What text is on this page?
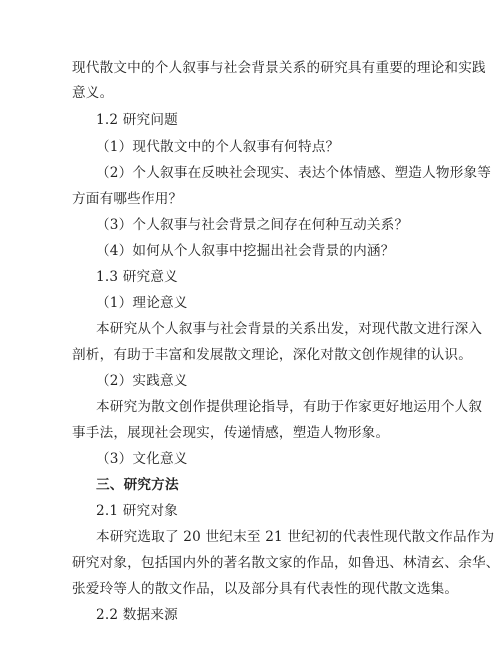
现代散文中的个人叙事与社会背景关系的研究具有重要的理论和实践
意义。
1.2 研究问题
（1）现代散文中的个人叙事有何特点？
（2）个人叙事在反映社会现实、表达个体情感、塑造人物形象等
方面有哪些作用？
（3）个人叙事与社会背景之间存在何种互动关系？
（4）如何从个人叙事中挖掘出社会背景的内涵？
1.3 研究意义
（1）理论意义
本研究从个人叙事与社会背景的关系出发，对现代散文进行深入
剖析，有助于丰富和发展散文理论，深化对散文创作规律的认识。
（2）实践意义
本研究为散文创作提供理论指导，有助于作家更好地运用个人叙
事手法，展现社会现实，传递情感，塑造人物形象。
（3）文化意义
三、研究方法
2.1 研究对象
本研究选取了 20 世纪末至 21 世纪初的代表性现代散文作品作为
研究对象，包括国内外的著名散文家的作品，如鲁迅、林清玄、余华、
张爱玲等人的散文作品，以及部分具有代表性的现代散文选集。
2.2 数据来源
